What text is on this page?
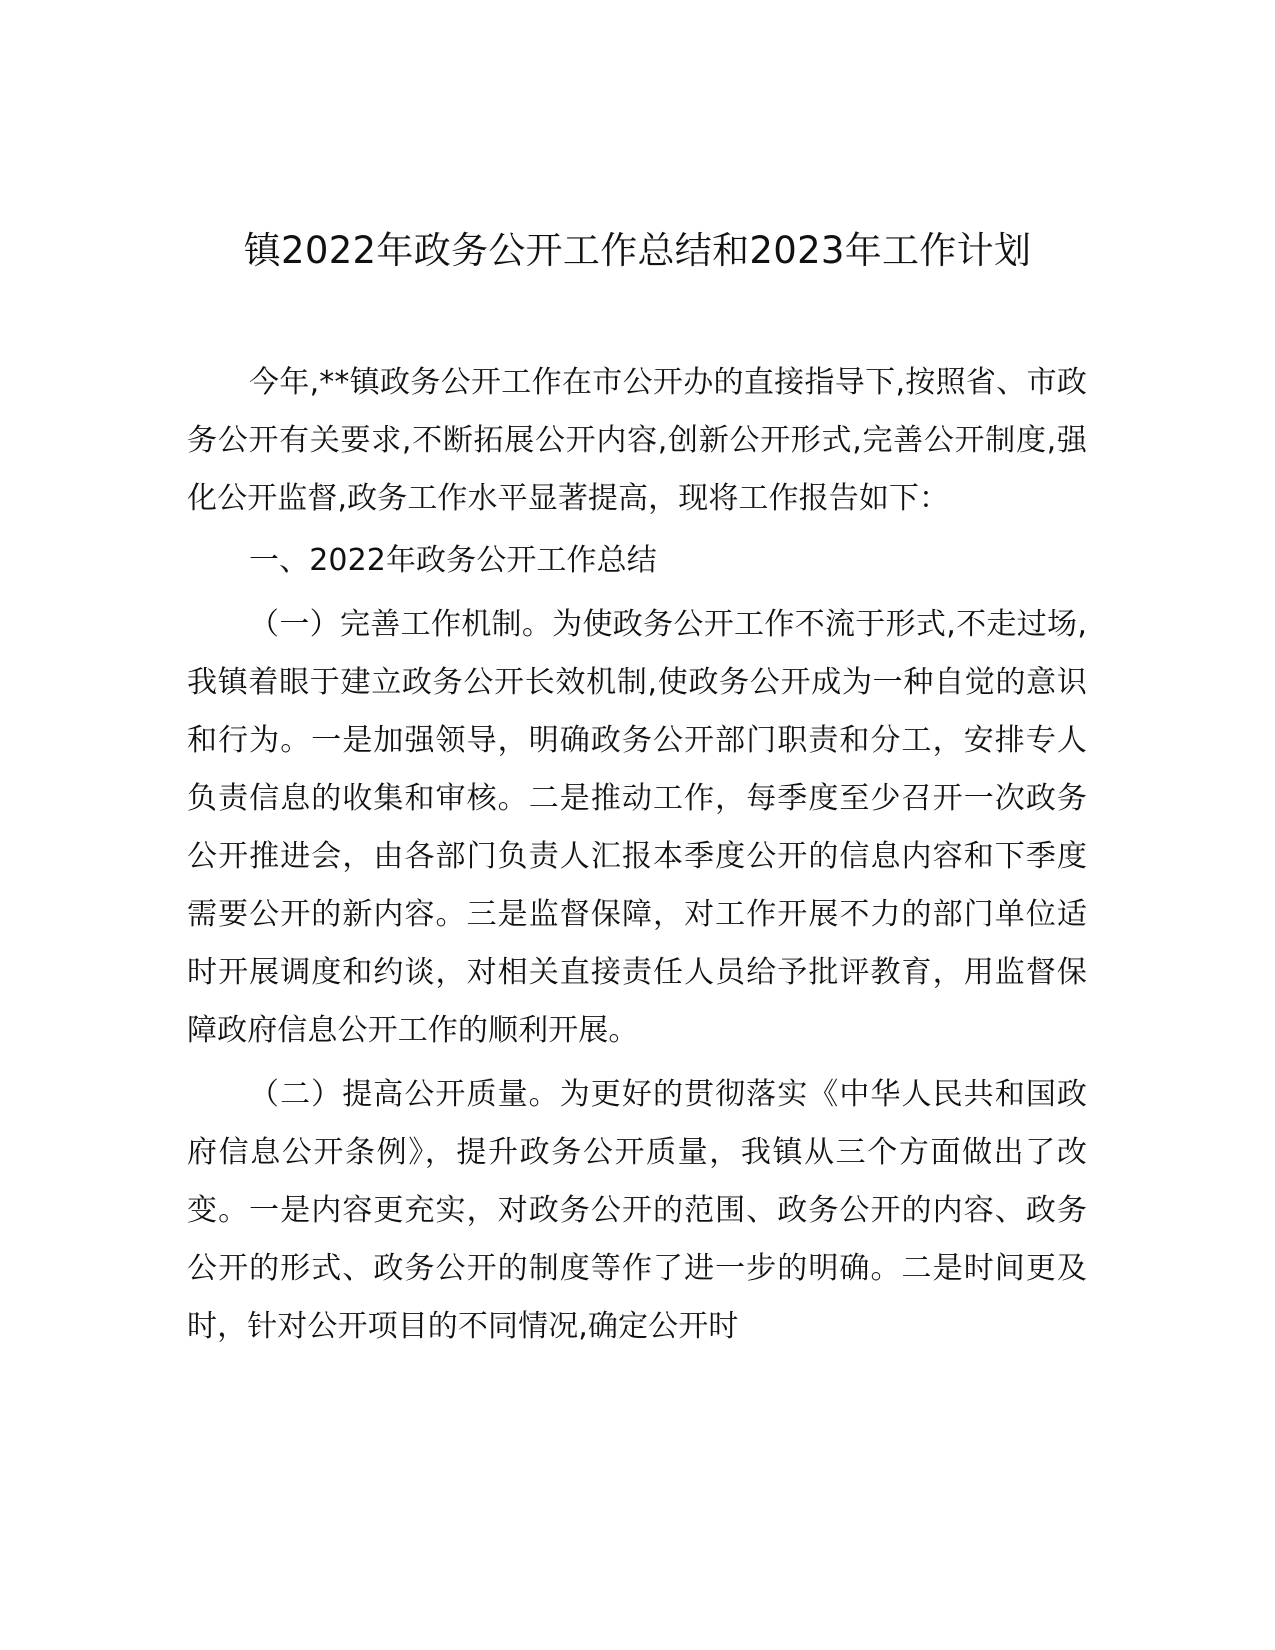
镇2022年政务公开工作总结和2023年工作计划

今年,**镇政务公开工作在市公开办的直接指导下,按照省、市政务公开有关要求,不断拓展公开内容,创新公开形式,完善公开制度,强化公开监督,政务工作水平显著提高，现将工作报告如下：

一、2022年政务公开工作总结

（一）完善工作机制。为使政务公开工作不流于形式,不走过场,我镇着眼于建立政务公开长效机制,使政务公开成为一种自觉的意识和行为。一是加强领导，明确政务公开部门职责和分工，安排专人负责信息的收集和审核。二是推动工作，每季度至少召开一次政务公开推进会，由各部门负责人汇报本季度公开的信息内容和下季度需要公开的新内容。三是监督保障，对工作开展不力的部门单位适时开展调度和约谈，对相关直接责任人员给予批评教育，用监督保障政府信息公开工作的顺利开展。

（二）提高公开质量。为更好的贯彻落实《中华人民共和国政府信息公开条例》，提升政务公开质量，我镇从三个方面做出了改变。一是内容更充实，对政务公开的范围、政务公开的内容、政务公开的形式、政务公开的制度等作了进一步的明确。二是时间更及时，针对公开项目的不同情况,确定公开时
